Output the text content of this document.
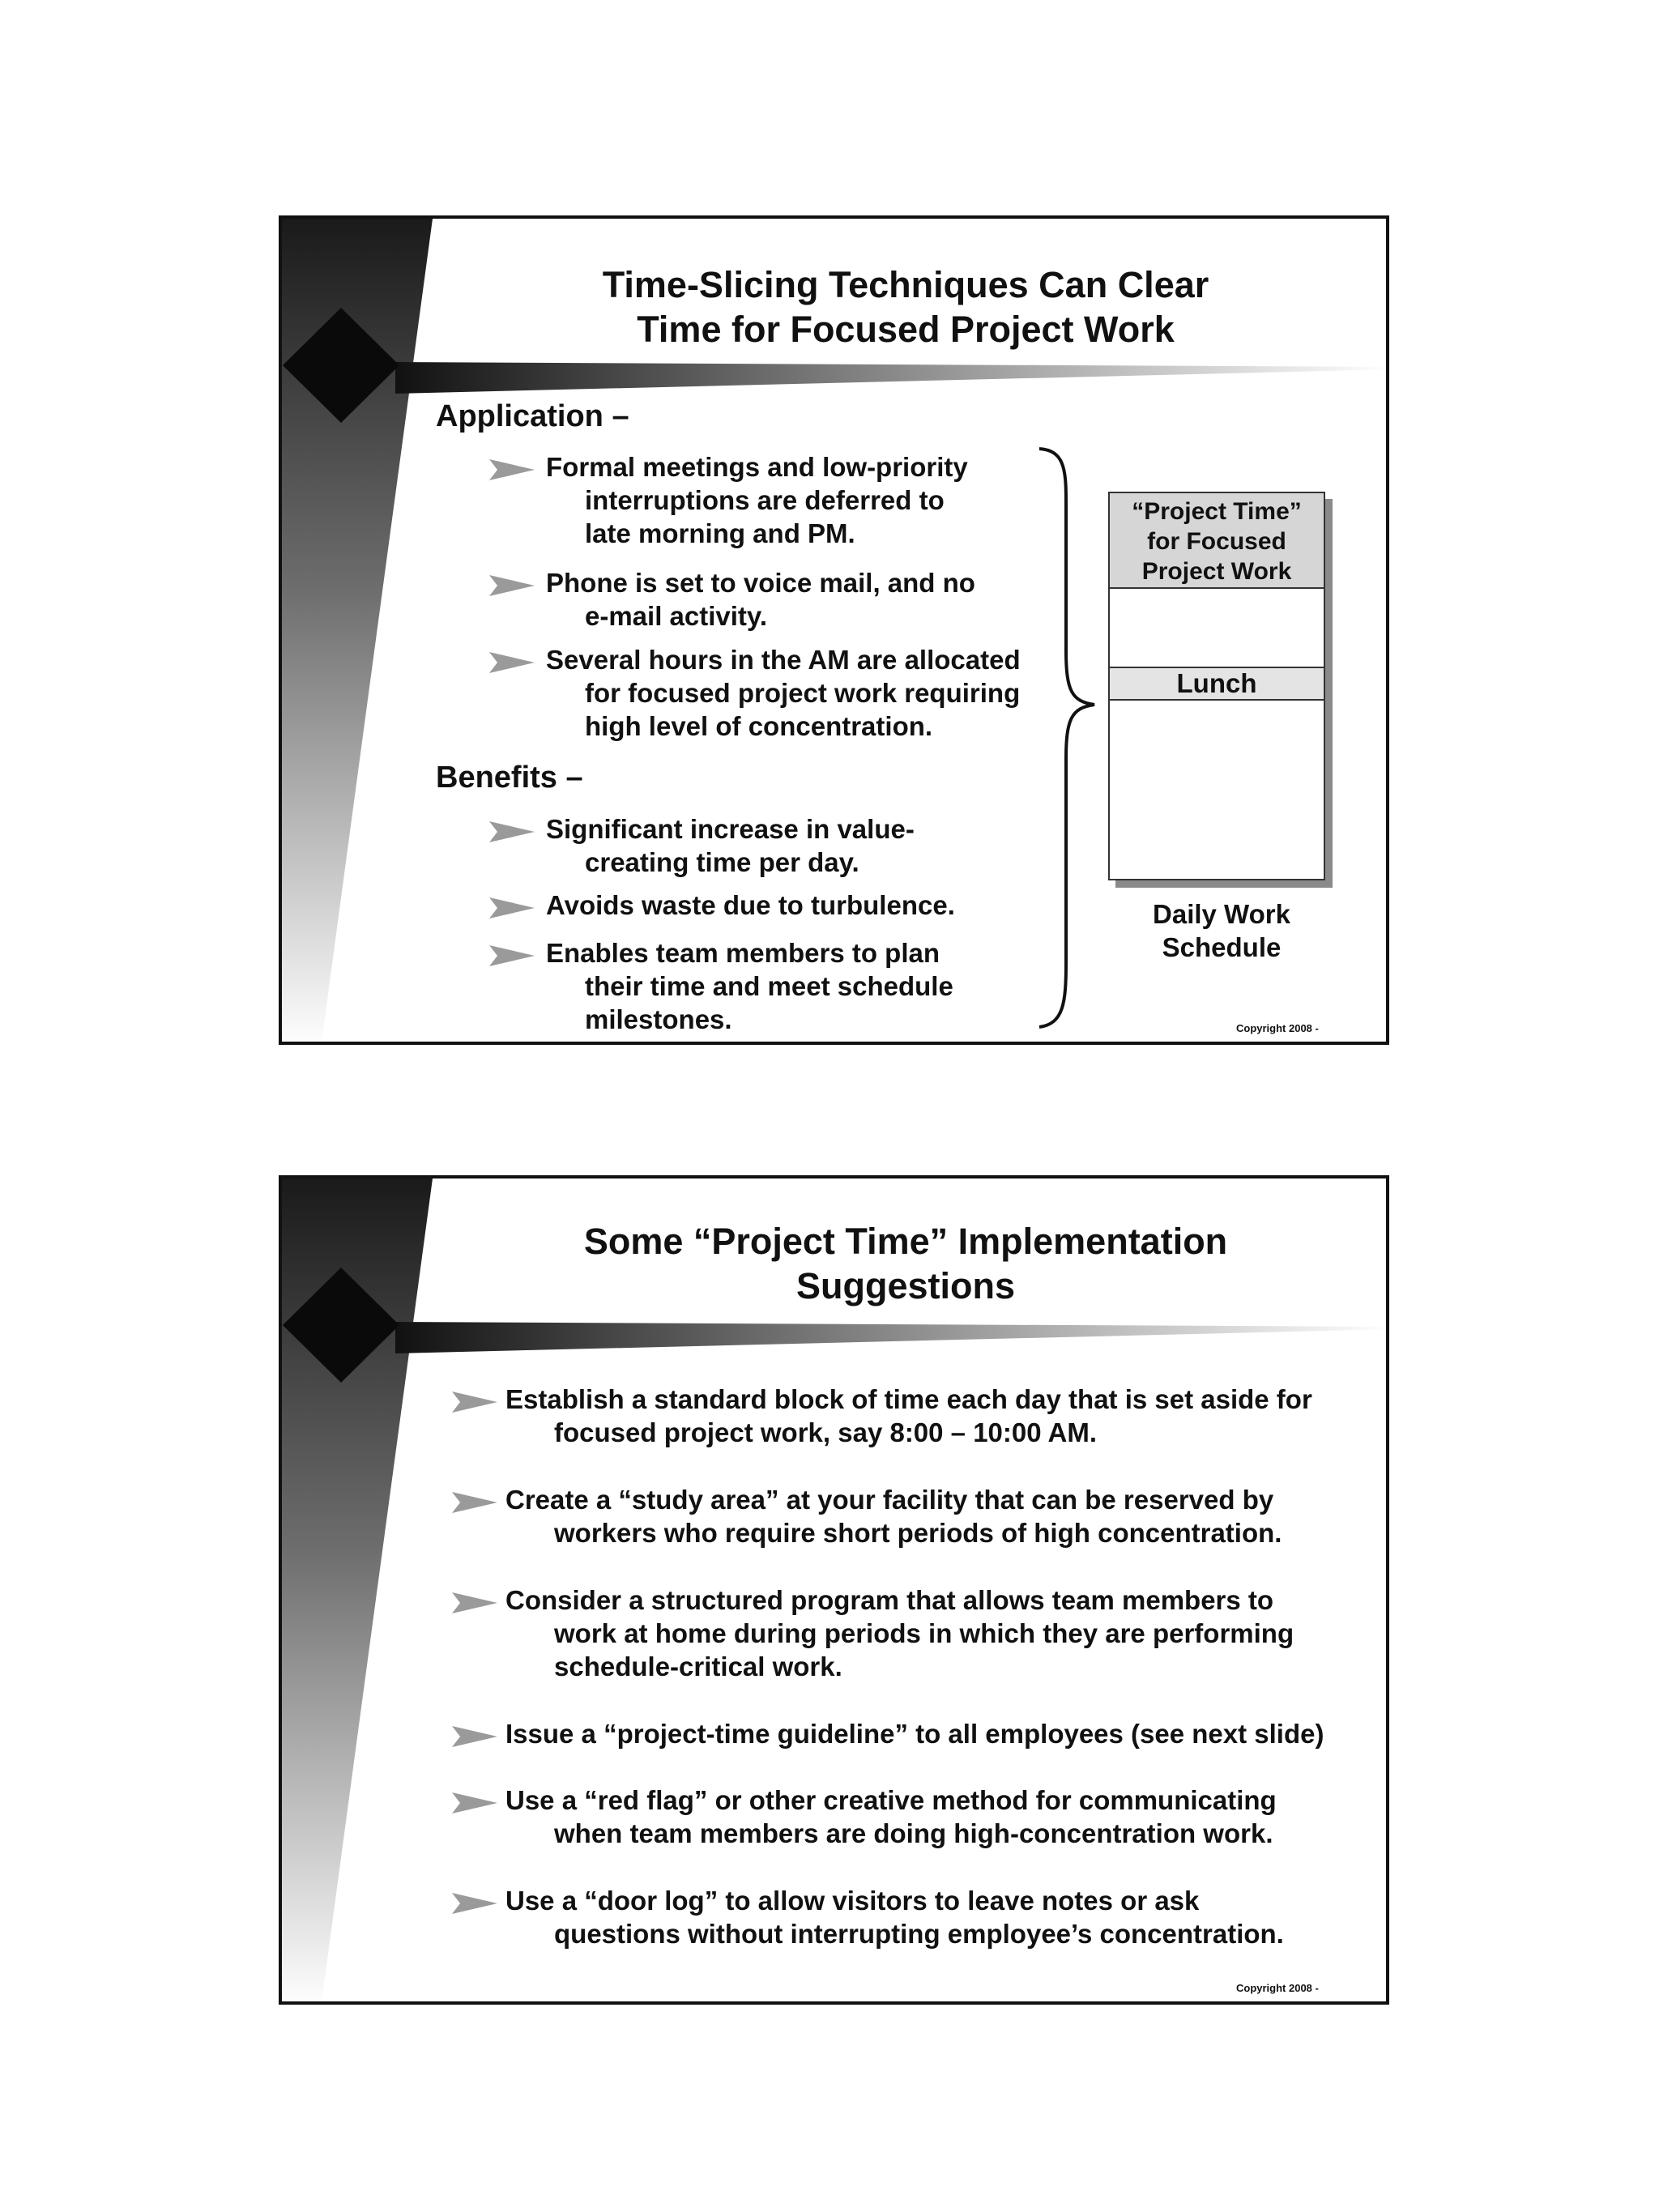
Time-Slicing Techniques Can Clear
Time for Focused Project Work
Application –
Formal meetings and low-priority
interruptions are deferred to
late morning and PM.
Phone is set to voice mail, and no
e-mail activity.
Several hours in the AM are allocated
for focused project work requiring
high level of concentration.
Benefits –
Significant increase in value-
creating time per day.
Avoids waste due to turbulence.
Enables team members to plan
their time and meet schedule
milestones.
“Project Time”
for Focused
Project Work
Lunch
Daily Work
Schedule
Copyright 2008 -
Some “Project Time” Implementation
Suggestions
Establish a standard block of time each day that is set aside for
focused project work, say 8:00 – 10:00 AM.
Create a “study area” at your facility that can be reserved by
workers who require short periods of high concentration.
Consider a structured program that allows team members to
work at home during periods in which they are performing
schedule-critical work.
Issue a “project-time guideline” to all employees (see next slide)
Use a “red flag” or other creative method for communicating
when team members are doing high-concentration work.
Use a “door log” to allow visitors to leave notes or ask
questions without interrupting employee’s concentration.
Copyright 2008 -
